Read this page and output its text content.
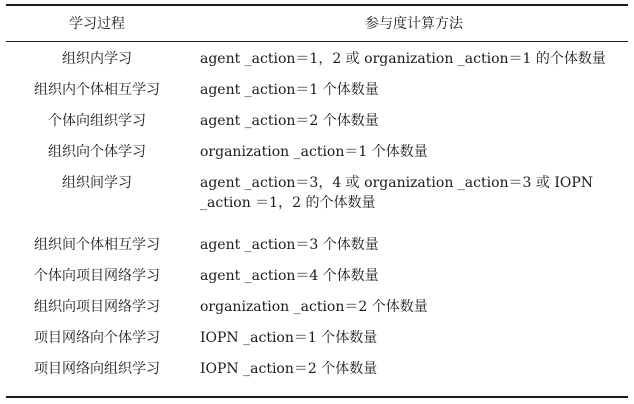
学习过程	参与度计算方法
组织内学习	agent _action＝1，2 或 organization _action＝1 的个体数量
组织内个体相互学习	agent _action＝1 个体数量
个体向组织学习	agent _action＝2 个体数量
组织向个体学习	organization _action＝1 个体数量
组织间学习	agent _action＝3，4 或 organization _action＝3 或 IOPN _action ＝1，2 的个体数量
组织间个体相互学习	agent _action＝3 个体数量
个体向项目网络学习	agent _action＝4 个体数量
组织向项目网络学习	organization _action＝2 个体数量
项目网络向个体学习	IOPN _action＝1 个体数量
项目网络向组织学习	IOPN _action＝2 个体数量
